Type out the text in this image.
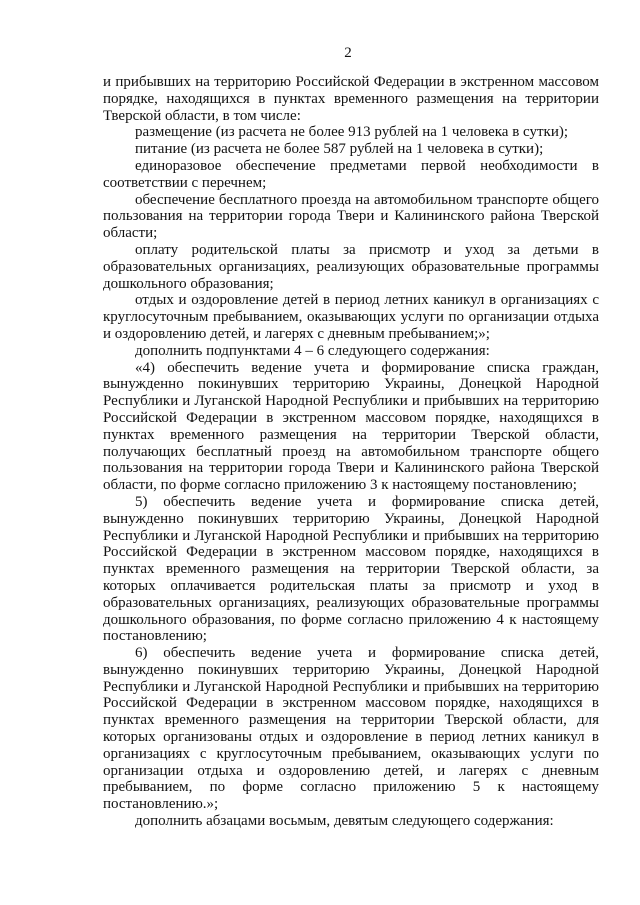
2

и прибывших на территорию Российской Федерации в экстренном массовом порядке, находящихся в пунктах временного размещения на территории Тверской области, в том числе:

размещение (из расчета не более 913 рублей на 1 человека в сутки);

питание (из расчета не более 587 рублей на 1 человека в сутки);

единоразовое обеспечение предметами первой необходимости в соответствии с перечнем;

обеспечение бесплатного проезда на автомобильном транспорте общего пользования на территории города Твери и Калининского района Тверской области;

оплату родительской платы за присмотр и уход за детьми в образовательных организациях, реализующих образовательные программы дошкольного образования;

отдых и оздоровление детей в период летних каникул в организациях с круглосуточным пребыванием, оказывающих услуги по организации отдыха и оздоровлению детей, и лагерях с дневным пребыванием;»;

дополнить подпунктами 4 – 6 следующего содержания:

«4) обеспечить ведение учета и формирование списка граждан, вынужденно покинувших территорию Украины, Донецкой Народной Республики и Луганской Народной Республики и прибывших на территорию Российской Федерации в экстренном массовом порядке, находящихся в пунктах временного размещения на территории Тверской области, получающих бесплатный проезд на автомобильном транспорте общего пользования на территории города Твери и Калининского района Тверской области, по форме согласно приложению 3 к настоящему постановлению;

5) обеспечить ведение учета и формирование списка детей, вынужденно покинувших территорию Украины, Донецкой Народной Республики и Луганской Народной Республики и прибывших на территорию Российской Федерации в экстренном массовом порядке, находящихся в пунктах временного размещения на территории Тверской области, за которых оплачивается родительская платы за присмотр и уход в образовательных организациях, реализующих образовательные программы дошкольного образования, по форме согласно приложению 4 к настоящему постановлению;

6) обеспечить ведение учета и формирование списка детей, вынужденно покинувших территорию Украины, Донецкой Народной Республики и Луганской Народной Республики и прибывших на территорию Российской Федерации в экстренном массовом порядке, находящихся в пунктах временного размещения на территории Тверской области, для которых организованы отдых и оздоровление в период летних каникул в организациях с круглосуточным пребыванием, оказывающих услуги по организации отдыха и оздоровлению детей, и лагерях с дневным пребыванием, по форме согласно приложению 5 к настоящему постановлению.»;

дополнить абзацами восьмым, девятым следующего содержания:
